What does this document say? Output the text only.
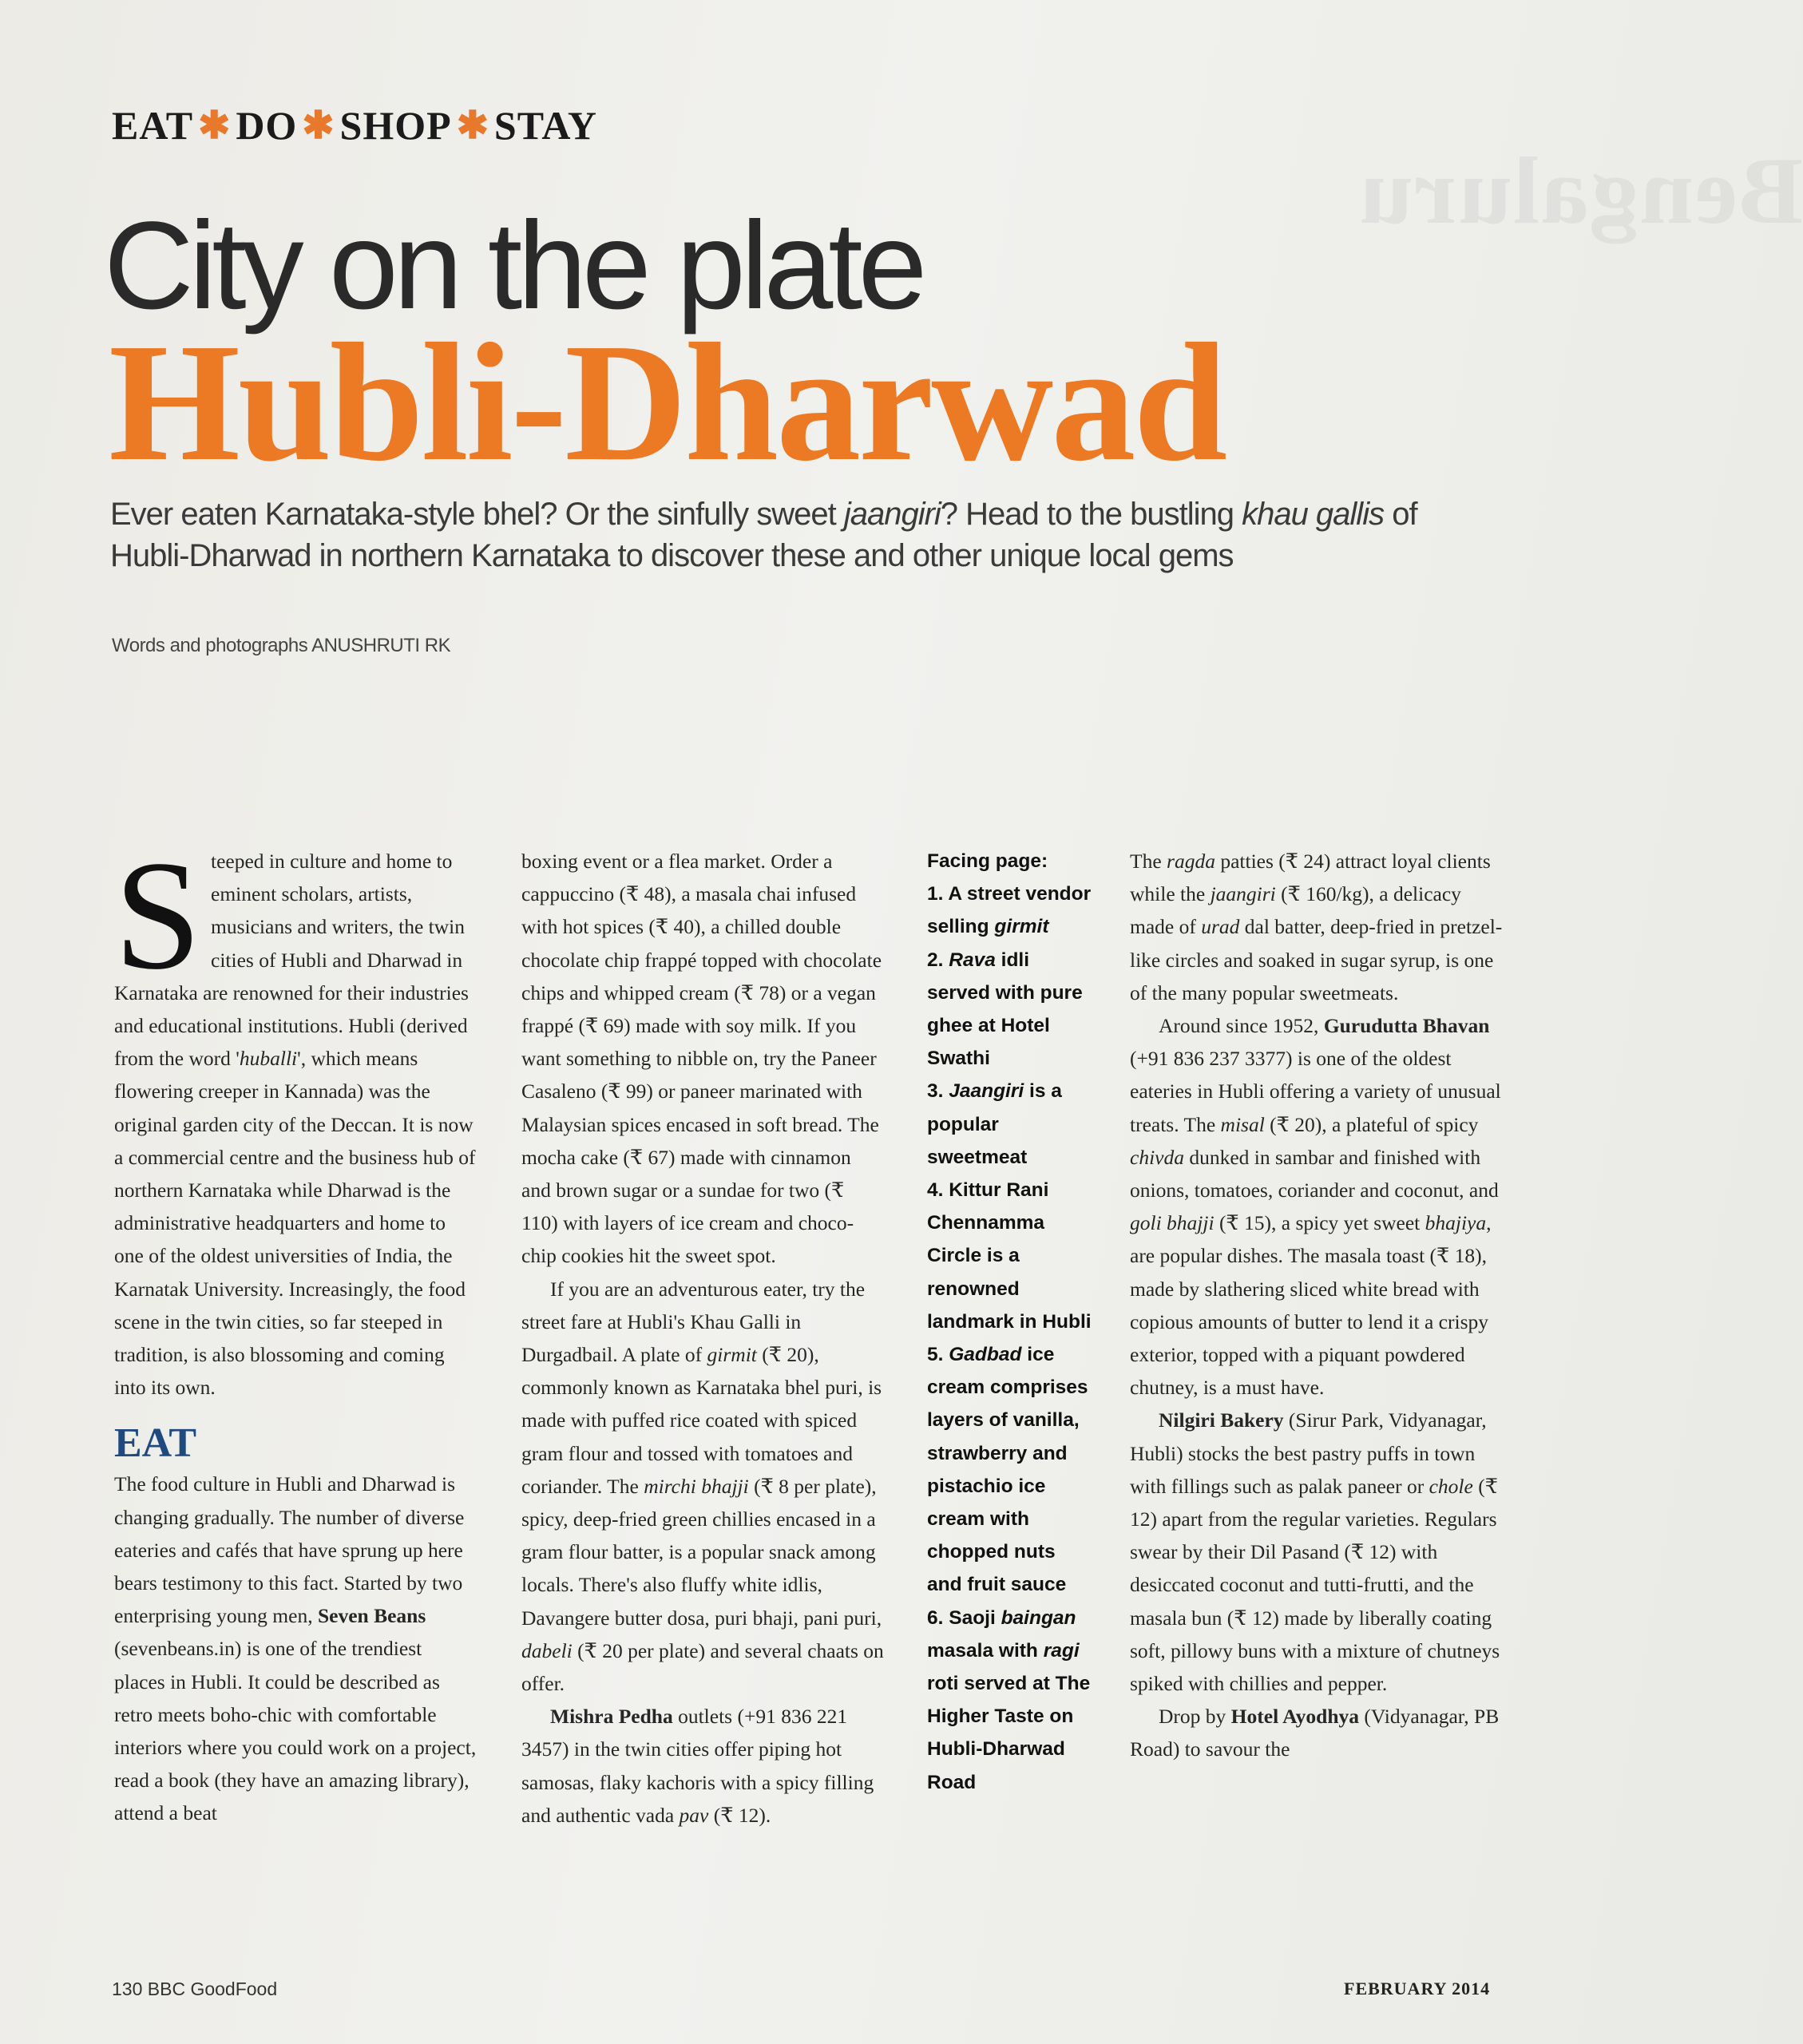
Bengaluru
EAT ✱ DO ✱ SHOP ✱ STAY
City on the plate
Hubli-Dharwad
Ever eaten Karnataka-style bhel? Or the sinfully sweet jaangiri? Head to the bustling khau gallis of Hubli-Dharwad in northern Karnataka to discover these and other unique local gems
Words and photographs ANUSHRUTI RK

Steeped in culture and home to eminent scholars, artists, musicians and writers, the twin cities of Hubli and Dharwad in Karnataka are renowned for their industries and educational institutions. Hubli (derived from the word 'huballi', which means flowering creeper in Kannada) was the original garden city of the Deccan. It is now a commercial centre and the business hub of northern Karnataka while Dharwad is the administrative headquarters and home to one of the oldest universities of India, the Karnatak University. Increasingly, the food scene in the twin cities, so far steeped in tradition, is also blossoming and coming into its own.

EAT

The food culture in Hubli and Dharwad is changing gradually. The number of diverse eateries and cafés that have sprung up here bears testimony to this fact. Started by two enterprising young men, Seven Beans (sevenbeans.in) is one of the trendiest places in Hubli. It could be described as retro meets boho-chic with comfortable interiors where you could work on a project, read a book (they have an amazing library), attend a beat

boxing event or a flea market. Order a cappuccino (₹ 48), a masala chai infused with hot spices (₹ 40), a chilled double chocolate chip frappé topped with chocolate chips and whipped cream (₹ 78) or a vegan frappé (₹ 69) made with soy milk. If you want something to nibble on, try the Paneer Casaleno (₹ 99) or paneer marinated with Malaysian spices encased in soft bread. The mocha cake (₹ 67) made with cinnamon and brown sugar or a sundae for two (₹ 110) with layers of ice cream and choco-chip cookies hit the sweet spot.

If you are an adventurous eater, try the street fare at Hubli's Khau Galli in Durgadbail. A plate of girmit (₹ 20), commonly known as Karnataka bhel puri, is made with puffed rice coated with spiced gram flour and tossed with tomatoes and coriander. The mirchi bhajji (₹ 8 per plate), spicy, deep-fried green chillies encased in a gram flour batter, is a popular snack among locals. There's also fluffy white idlis, Davangere butter dosa, puri bhaji, pani puri, dabeli (₹ 20 per plate) and several chaats on offer.

Mishra Pedha outlets (+91 836 221 3457) in the twin cities offer piping hot samosas, flaky kachoris with a spicy filling and authentic vada pav (₹ 12).

Facing page:

1. A street vendor selling girmit

2. Rava idli served with pure ghee at Hotel Swathi

3. Jaangiri is a popular sweetmeat

4. Kittur Rani Chennamma Circle is a renowned landmark in Hubli

5. Gadbad ice cream comprises layers of vanilla, strawberry and pistachio ice cream with chopped nuts and fruit sauce

6. Saoji baingan masala with ragi roti served at The Higher Taste on Hubli-Dharwad Road

The ragda patties (₹ 24) attract loyal clients while the jaangiri (₹ 160/kg), a delicacy made of urad dal batter, deep-fried in pretzel-like circles and soaked in sugar syrup, is one of the many popular sweetmeats.

Around since 1952, Gurudutta Bhavan (+91 836 237 3377) is one of the oldest eateries in Hubli offering a variety of unusual treats. The misal (₹ 20), a plateful of spicy chivda dunked in sambar and finished with onions, tomatoes, coriander and coconut, and goli bhajji (₹ 15), a spicy yet sweet bhajiya, are popular dishes. The masala toast (₹ 18), made by slathering sliced white bread with copious amounts of butter to lend it a crispy exterior, topped with a piquant powdered chutney, is a must have.

Nilgiri Bakery (Sirur Park, Vidyanagar, Hubli) stocks the best pastry puffs in town with fillings such as palak paneer or chole (₹ 12) apart from the regular varieties. Regulars swear by their Dil Pasand (₹ 12) with desiccated coconut and tutti-frutti, and the masala bun (₹ 12) made by liberally coating soft, pillowy buns with a mixture of chutneys spiked with chillies and pepper.

Drop by Hotel Ayodhya (Vidyanagar, PB Road) to savour the

130 BBC GoodFood	FEBRUARY 2014
